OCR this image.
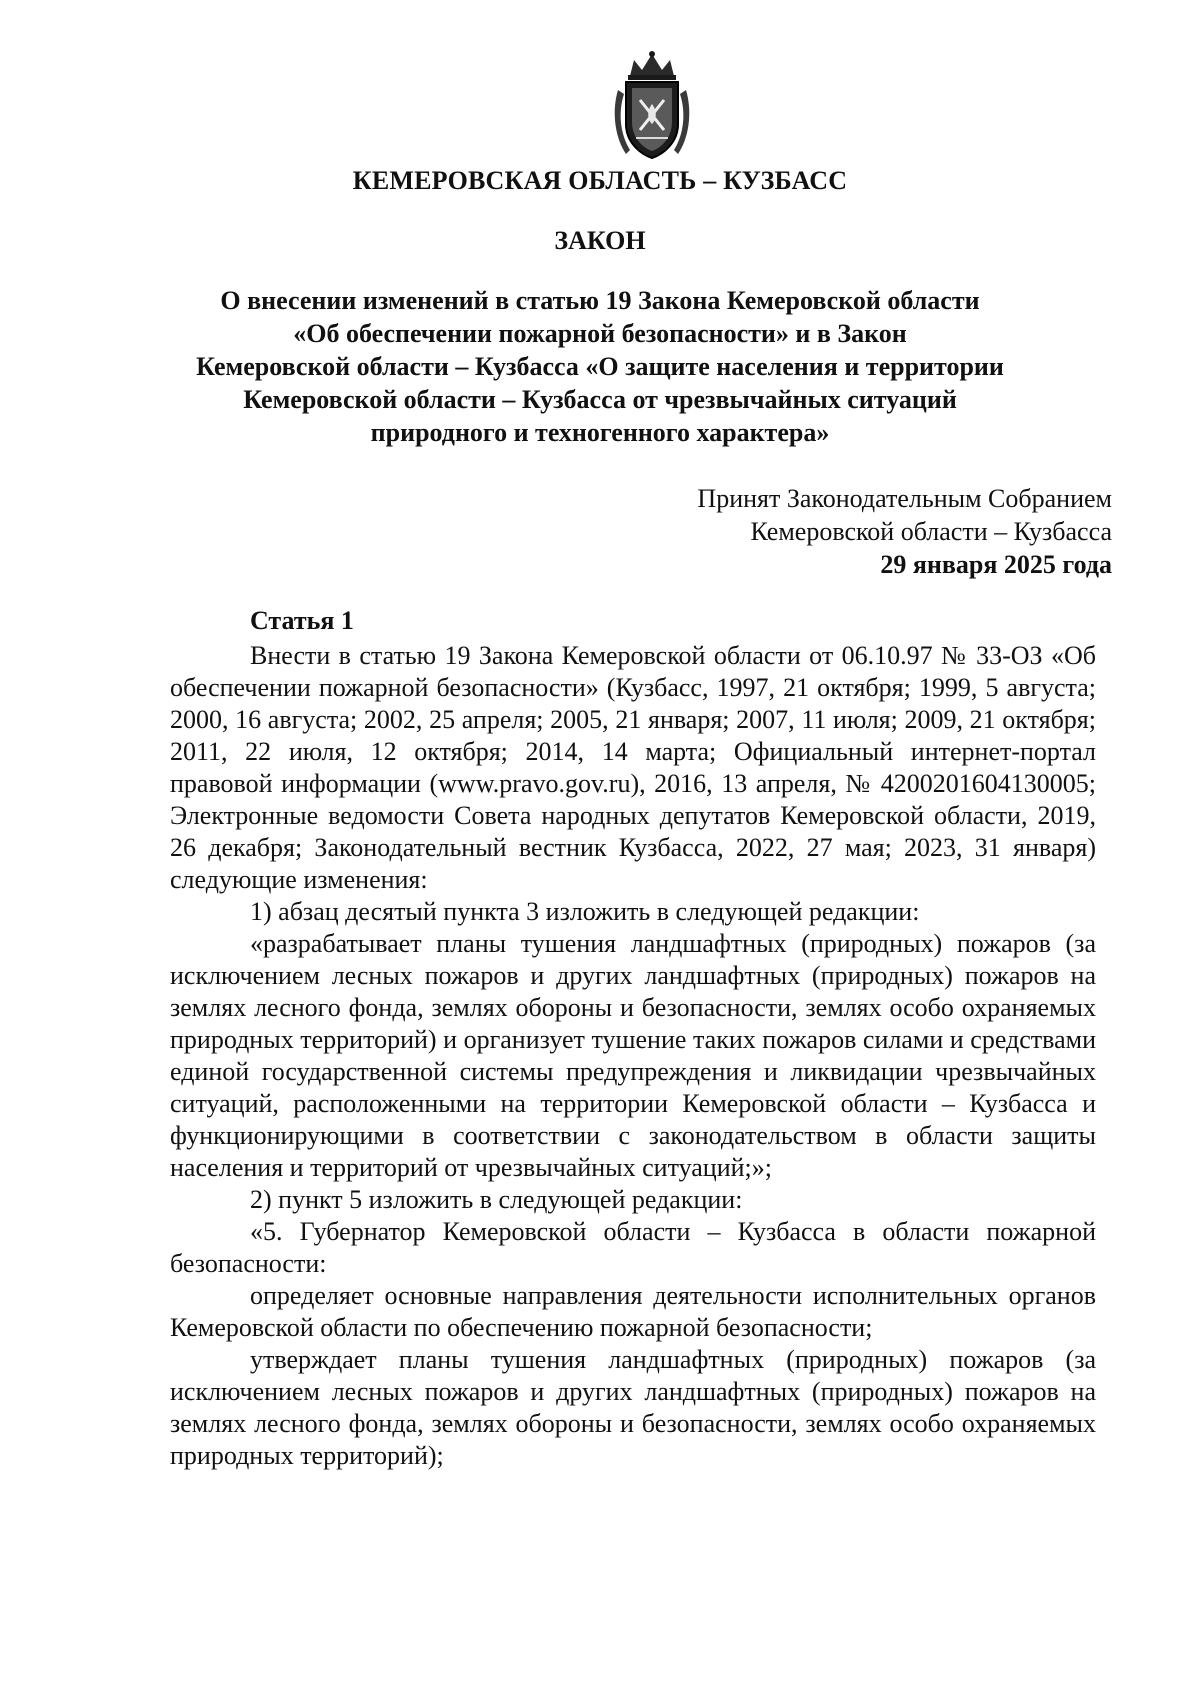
КЕМЕРОВСКАЯ ОБЛАСТЬ – КУЗБАСС
ЗАКОН
О внесении изменений в статью 19 Закона Кемеровской области
«Об обеспечении пожарной безопасности» и в Закон
Кемеровской области – Кузбасса «О защите населения и территории
Кемеровской области – Кузбасса от чрезвычайных ситуаций
природного и техногенного характера»
Принят Законодательным Собранием
Кемеровской области – Кузбасса
29 января 2025 года
Статья 1

Внести в статью 19 Закона Кемеровской области от 06.10.97 № 33-ОЗ «Об обеспечении пожарной безопасности» (Кузбасс, 1997, 21 октября; 1999, 5 августа; 2000, 16 августа; 2002, 25 апреля; 2005, 21 января; 2007, 11 июля; 2009, 21 октября; 2011, 22 июля, 12 октября; 2014, 14 марта; Официальный интернет-портал правовой информации (www.pravo.gov.ru), 2016, 13 апреля, № 4200201604130005; Электронные ведомости Совета народных депутатов Кемеровской области, 2019, 26 декабря; Законодательный вестник Кузбасса, 2022, 27 мая; 2023, 31 января) следующие изменения:

1) абзац десятый пункта 3 изложить в следующей редакции:

«разрабатывает планы тушения ландшафтных (природных) пожаров (за исключением лесных пожаров и других ландшафтных (природных) пожаров на землях лесного фонда, землях обороны и безопасности, землях особо охраняемых природных территорий) и организует тушение таких пожаров силами и средствами единой государственной системы предупреждения и ликвидации чрезвычайных ситуаций, расположенными на территории Кемеровской области – Кузбасса и функционирующими в соответствии с законодательством в области защиты населения и территорий от чрезвычайных ситуаций;»;

2) пункт 5 изложить в следующей редакции:

«5. Губернатор Кемеровской области – Кузбасса в области пожарной безопасности:

определяет основные направления деятельности исполнительных органов Кемеровской области по обеспечению пожарной безопасности;

утверждает планы тушения ландшафтных (природных) пожаров (за исключением лесных пожаров и других ландшафтных (природных) пожаров на землях лесного фонда, землях обороны и безопасности, землях особо охраняемых природных территорий);
